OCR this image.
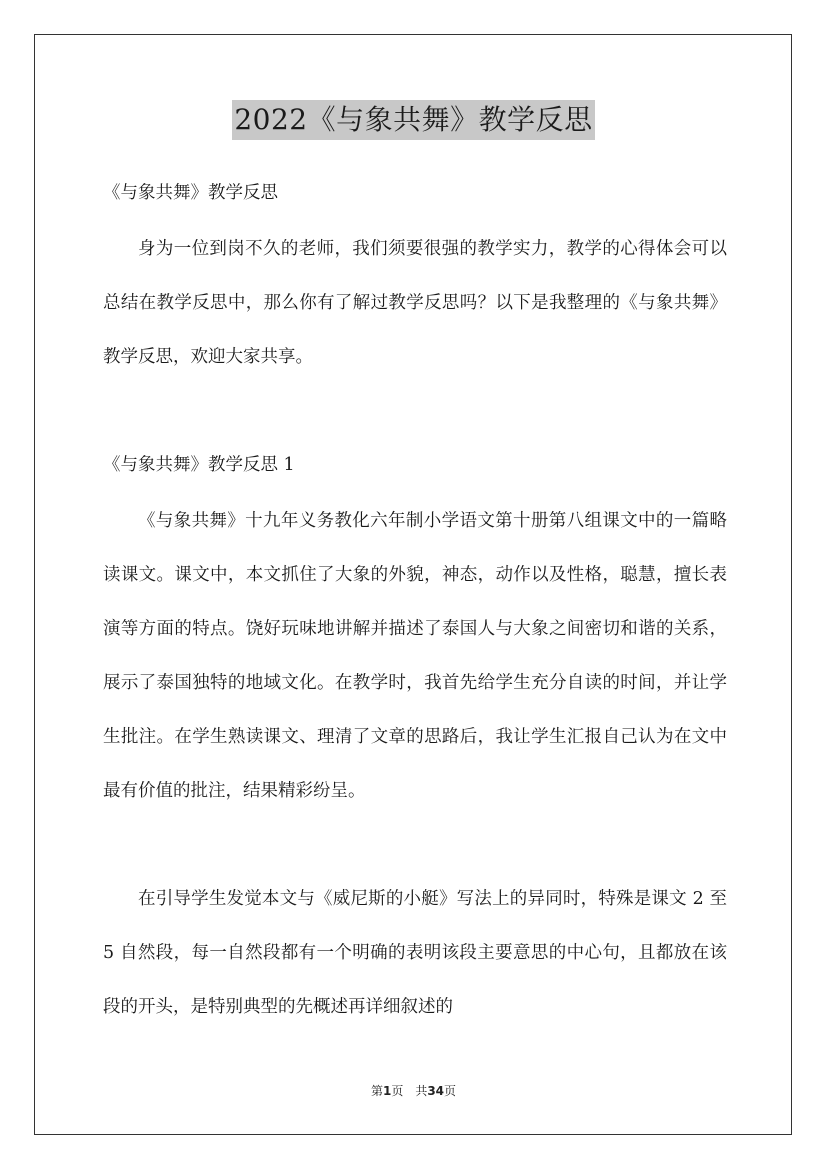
2022《与象共舞》教学反思

《与象共舞》教学反思

身为一位到岗不久的老师，我们须要很强的教学实力，教学的心得体会可以总结在教学反思中，那么你有了解过教学反思吗？以下是我整理的《与象共舞》教学反思，欢迎大家共享。

《与象共舞》教学反思 1

《与象共舞》十九年义务教化六年制小学语文第十册第八组课文中的一篇略读课文。课文中，本文抓住了大象的外貌，神态，动作以及性格，聪慧，擅长表演等方面的特点。饶好玩味地讲解并描述了泰国人与大象之间密切和谐的关系，展示了泰国独特的地域文化。在教学时，我首先给学生充分自读的时间，并让学生批注。在学生熟读课文、理清了文章的思路后，我让学生汇报自己认为在文中最有价值的批注，结果精彩纷呈。

在引导学生发觉本文与《威尼斯的小艇》写法上的异同时，特殊是课文 2 至 5 自然段，每一自然段都有一个明确的表明该段主要意思的中心句，且都放在该段的开头，是特别典型的先概述再详细叙述的

第1页　共34页
